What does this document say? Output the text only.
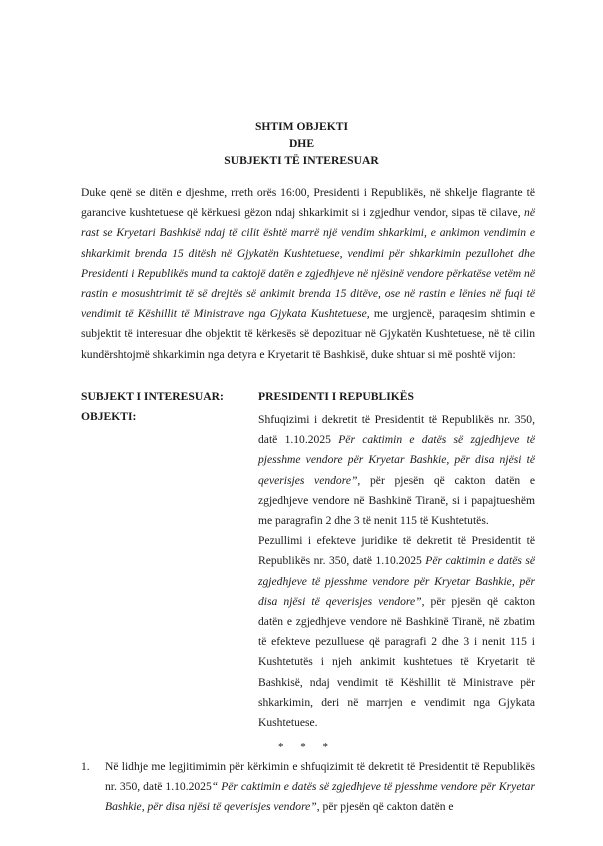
SHTIM OBJEKTI
DHE
SUBJEKTI TË INTERESUAR
Duke qenë se ditën e djeshme, rreth orës 16:00, Presidenti i Republikës, në shkelje flagrante të garancive kushtetuese që kërkuesi gëzon ndaj shkarkimit si i zgjedhur vendor, sipas të cilave, në rast se Kryetari Bashkisë ndaj të cilit është marrë një vendim shkarkimi, e ankimon vendimin e shkarkimit brenda 15 ditësh në Gjykatën Kushtetuese, vendimi për shkarkimin pezullohet dhe Presidenti i Republikës mund ta caktojë datën e zgjedhjeve në njësinë vendore përkatëse vetëm në rastin e mosushtrimit të së drejtës së ankimit brenda 15 ditëve, ose në rastin e lënies në fuqi të vendimit të Këshillit të Ministrave nga Gjykata Kushtetuese, me urgjencë, paraqesim shtimin e subjektit të interesuar dhe objektit të kërkesës së depozituar në Gjykatën Kushtetuese, në të cilin kundërshtojmë shkarkimin nga detyra e Kryetarit të Bashkisë, duke shtuar si më poshtë vijon:
SUBJEKT I INTERESUAR:	PRESIDENTI I REPUBLIKËS
OBJEKTI:	Shfuqizimi i dekretit të Presidentit të Republikës nr. 350, datë 1.10.2025 Për caktimin e datës së zgjedhjeve të pjesshme vendore për Kryetar Bashkie, për disa njësi të qeverisjes vendore”, për pjesën që cakton datën e zgjedhjeve vendore në Bashkinë Tiranë, si i papajtueshëm me paragrafin 2 dhe 3 të nenit 115 të Kushtetutës.

Pezullimi i efekteve juridike të dekretit të Presidentit të Republikës nr. 350, datë 1.10.2025 Për caktimin e datës së zgjedhjeve të pjesshme vendore për Kryetar Bashkie, për disa njësi të qeverisjes vendore”, për pjesën që cakton datën e zgjedhjeve vendore në Bashkinë Tiranë, në zbatim të efekteve pezulluese që paragrafi 2 dhe 3 i nenit 115 i Kushtetutës i njeh ankimit kushtetues të Kryetarit të Bashkisë, ndaj vendimit të Këshillit të Ministrave për shkarkimin, deri në marrjen e vendimit nga Gjykata Kushtetuese.

* * *
1. Në lidhje me legjitimimin për kërkimin e shfuqizimit të dekretit të Presidentit të Republikës nr. 350, datë 1.10.2025“ Për caktimin e datës së zgjedhjeve të pjesshme vendore për Kryetar Bashkie, për disa njësi të qeverisjes vendore”, për pjesën që cakton datën e
